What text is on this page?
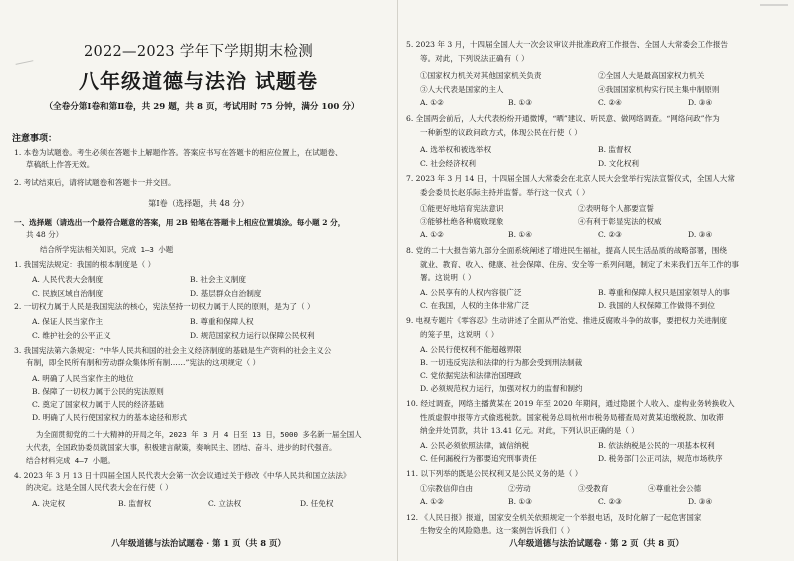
2022—2023 学年下学期期末检测
八年级道德与法治 试题卷
（全卷分第Ⅰ卷和第Ⅱ卷，共 29 题，共 8 页，考试用时 75 分钟，满分 100 分）
注意事项：
1. 本卷为试题卷。考生必须在答题卡上解题作答。答案应书写在答题卡的相应位置上，在试题卷、
草稿纸上作答无效。
2. 考试结束后，请将试题卷和答题卡一并交回。
第Ⅰ卷（选择题，共 48 分）
一、选择题（请选出一个最符合题意的答案，用 2B 铅笔在答题卡上相应位置填涂。每小题 2 分，
共 48 分）
结合所学宪法相关知识，完成 1—3 小题
1. 我国宪法规定：我国的根本制度是（ ）
A. 人民代表大会制度	B. 社会主义制度
C. 民族区域自治制度	D. 基层群众自治制度
2. 一切权力属于人民是我国宪法的核心，宪法坚持一切权力属于人民的原则，是为了（ ）
A. 保证人民当家作主	B. 尊重和保障人权
C. 维护社会的公平正义	D. 规范国家权力运行以保障公民权利
3. 我国宪法第六条规定：“中华人民共和国的社会主义经济制度的基础是生产资料的社会主义公
有制，即全民所有制和劳动群众集体所有制……”宪法的这项规定（ ）
A. 明确了人民当家作主的地位
B. 保障了一切权力属于公民的宪法原则
C. 奠定了国家权力属于人民的经济基础
D. 明确了人民行使国家权力的基本途径和形式
为全面贯彻党的二十大精神的开局之年，2023 年 3 月 4 日至 13 日，5000 多名新一届全国人
大代表，全国政协委员就国家大事，积极建言献策，奏响民主、团结、奋斗、进步的时代强音。
结合材料完成 4—7 小题。
4. 2023 年 3 月 13 日十四届全国人民代表大会第一次会议通过关于修改《中华人民共和国立法法》
的决定。这是全国人民代表大会在行使（ ）
A. 决定权	B. 监督权	C. 立法权	D. 任免权
八年级道德与法治试题卷 · 第 1 页（共 8 页）
5. 2023 年 3 月，十四届全国人大一次会议审议并批准政府工作报告、全国人大常委会工作报告
等。对此，下列说法正确有（ ）
①国家权力机关对其他国家机关负责	②全国人大是最高国家权力机关
③人大代表是国家的主人	④我国国家机构实行民主集中制原则
A. ①②	B. ①③	C. ②④	D. ③④
6. 全国两会前后，人大代表纷纷开通微博，“晒”建议、听民意、做网络调查。“网络问政”作为
一种新型的议政问政方式，体现公民在行使（ ）
A. 选举权和被选举权	B. 监督权
C. 社会经济权利	D. 文化权利
7. 2023 年 3 月 14 日，十四届全国人大常委会在北京人民大会堂举行宪法宣誓仪式，全国人大常
委会委员长赵乐际主持并监誓。举行这一仪式（ ）
①能更好地培育宪法意识	②表明每个人都要宣誓
③能够杜绝各种腐败现象	④有利于彰显宪法的权威
A. ①②	B. ①④	C. ②③	D. ③④
8. 党的二十大报告第九部分全面系统阐述了增进民生福祉，提高人民生活品质的战略部署，围绕
就业、教育、收入、健康、社会保障、住房、安全等一系列问题，制定了未来我们五年工作的事
署。这说明（ ）
A. 公民享有的人权内容很广泛	B. 尊重和保障人权只是国家领导人的事
C. 在我国，人权的主体非常广泛	D. 我国的人权保障工作做得不到位
9. 电视专题片《零容忍》生动讲述了全面从严治党、推进反腐败斗争的故事，要把权力关进制度
的笼子里，这说明（ ）
A. 公民行使权利不能超越界限
B. 一切违反宪法和法律的行为都会受到刑法制裁
C. 党依据宪法和法律治国理政
D. 必须规范权力运行，加强对权力的监督和制约
10. 经过调查，网络主播黄某在 2019 年至 2020 年期间，通过隐匿个人收入、虚构业务转换收入
性质虚假申报等方式偷逃税款。国家税务总局杭州市税务局稽查局对黄某追缴税款、加收滞
纳金并处罚款，共计 13.41 亿元。对此，下列认识正确的是（ ）
A. 公民必须依照法律，诚信纳税	B. 依法纳税是公民的一项基本权利
C. 任何漏税行为都要追究刑事责任	D. 税务部门公正司法，规范市场秩序
11. 以下列举的既是公民权利又是公民义务的是（ ）
①宗教信仰自由	②劳动	③受教育	④尊重社会公德
A. ①②	B. ①③	C. ②③	D. ③④
12. 《人民日报》报道，国家安全机关依照规定一个举报电话，及时化解了一起危害国家
生物安全的风险隐患。这一案例告诉我们（ ）
八年级道德与法治试题卷 · 第 2 页（共 8 页）
